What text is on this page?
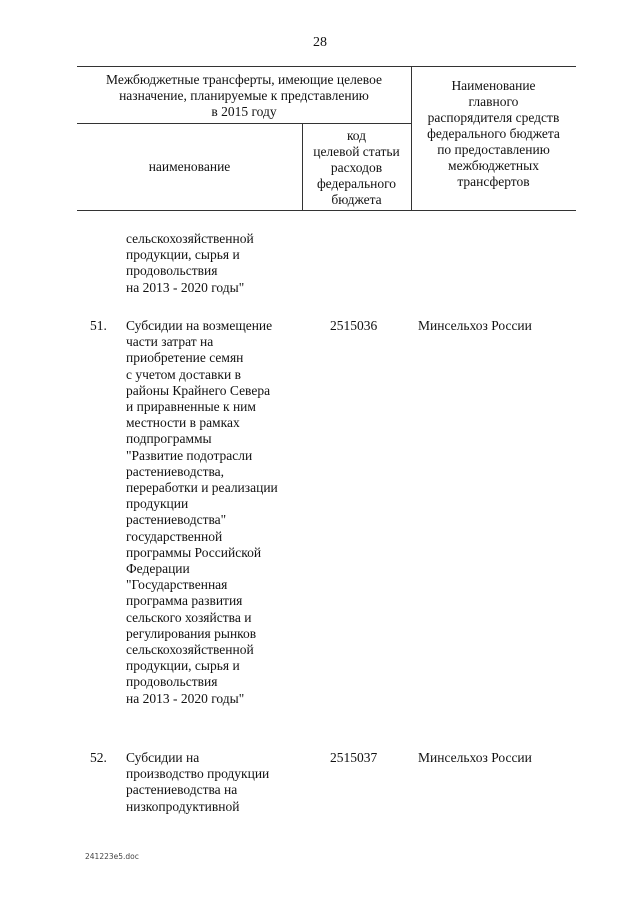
28
Межбюджетные трансферты, имеющие целевое
назначение, планируемые к представлению
в 2015 году
наименование
код
целевой статьи
расходов
федерального
бюджета
Наименование
главного
распорядителя средств
федерального бюджета
по предоставлению
межбюджетных
трансфертов
сельскохозяйственной
продукции, сырья и
продовольствия
на 2013 - 2020 годы"
51. Субсидии на возмещение
части затрат на
приобретение семян
с учетом доставки в
районы Крайнего Севера
и приравненные к ним
местности в рамках
подпрограммы
"Развитие подотрасли
растениеводства,
переработки и реализации
продукции
растениеводства"
государственной
программы Российской
Федерации
"Государственная
программа развития
сельского хозяйства и
регулирования рынков
сельскохозяйственной
продукции, сырья и
продовольствия
на 2013 - 2020 годы"
2515036	Минсельхоз России
52. Субсидии на
производство продукции
растениеводства на
низкопродуктивной
2515037	Минсельхоз России
241223e5.doc
